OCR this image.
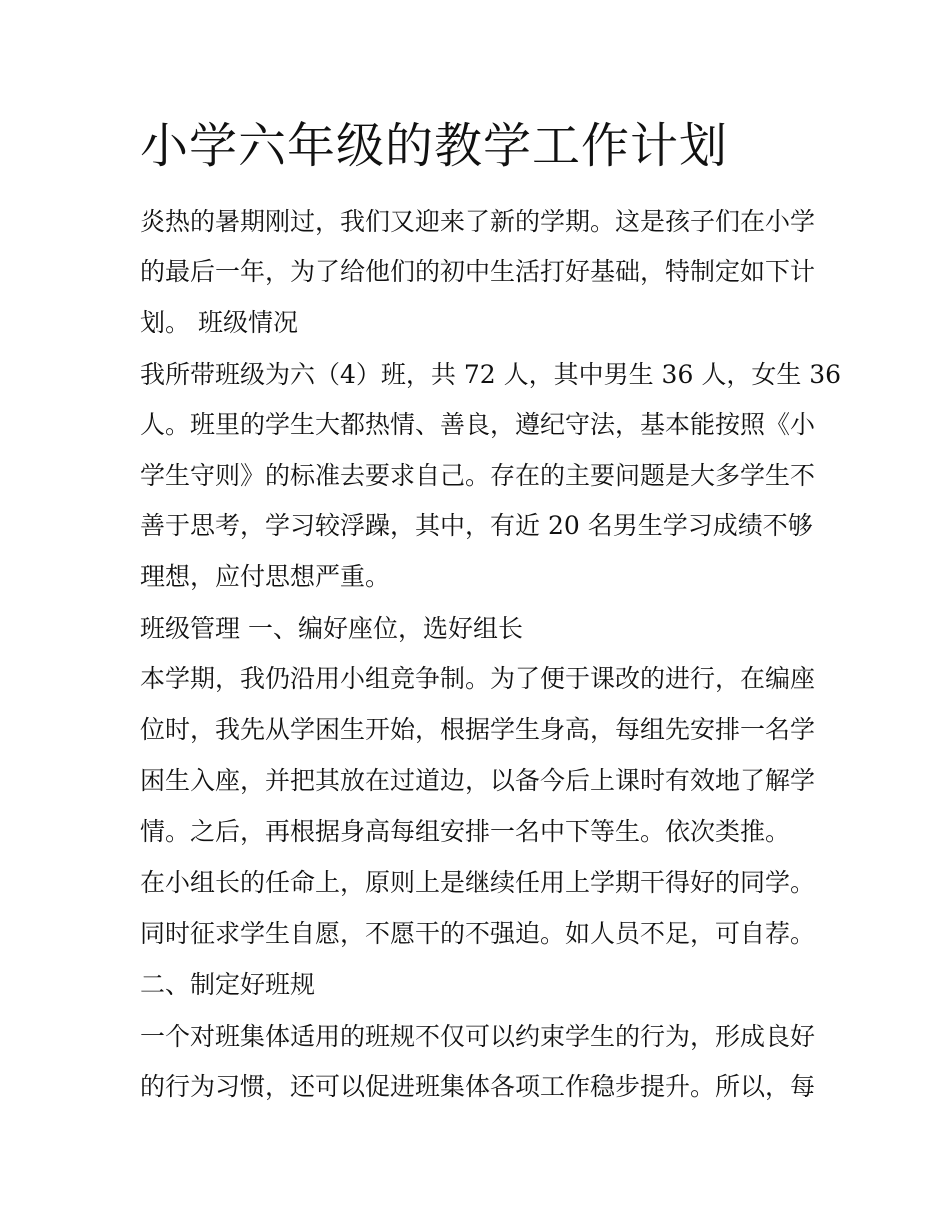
小学六年级的教学工作计划

炎热的暑期刚过，我们又迎来了新的学期。这是孩子们在小学

的最后一年，为了给他们的初中生活打好基础，特制定如下计

划。 班级情况

我所带班级为六（4）班，共 72 人，其中男生 36 人，女生 36

人。班里的学生大都热情、善良，遵纪守法，基本能按照《小

学生守则》的标准去要求自己。存在的主要问题是大多学生不

善于思考，学习较浮躁，其中，有近 20 名男生学习成绩不够

理想，应付思想严重。

班级管理 一、编好座位，选好组长

本学期，我仍沿用小组竞争制。为了便于课改的进行，在编座

位时，我先从学困生开始，根据学生身高，每组先安排一名学

困生入座，并把其放在过道边，以备今后上课时有效地了解学

情。之后，再根据身高每组安排一名中下等生。依次类推。

在小组长的任命上，原则上是继续任用上学期干得好的同学。

同时征求学生自愿，不愿干的不强迫。如人员不足，可自荐。

二、制定好班规

一个对班集体适用的班规不仅可以约束学生的行为，形成良好

的行为习惯，还可以促进班集体各项工作稳步提升。所以，每
